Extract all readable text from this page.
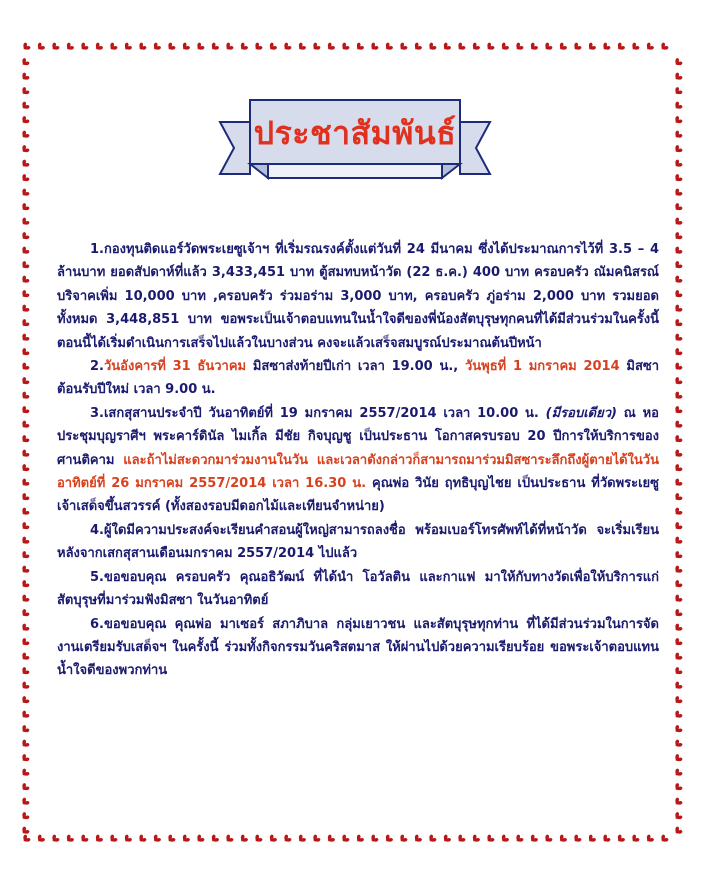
ประชาสัมพันธ์

1.กองทุนติดแอร์วัดพระเยซูเจ้าฯ ที่เริ่มรณรงค์ตั้งแต่วันที่ 24 มีนาคม ซึ่งได้ประมาณการไว้ที่ 3.5 – 4 ล้านบาท ยอดสัปดาห์ที่แล้ว 3,433,451 บาท ตู้สมทบหน้าวัด (22 ธ.ค.) 400 บาท ครอบครัว ณัมคนิสรณ์ บริจาคเพิ่ม 10,000 บาท ,ครอบครัว ร่วมอร่าม 3,000 บาท, ครอบครัว ภู่อร่าม 2,000 บาท รวมยอด ทั้งหมด 3,448,851 บาท ขอพระเป็นเจ้าตอบแทนในน้ำใจดีของพี่น้องสัตบุรุษทุกคนที่ได้มีส่วนร่วมในครั้งนี้ ตอนนี้ได้เริ่มดำเนินการเสร็จไปแล้วในบางส่วน คงจะแล้วเสร็จสมบูรณ์ประมาณต้นปีหน้า

2.วันอังคารที่ 31 ธันวาคม มิสซาส่งท้ายปีเก่า เวลา 19.00 น., วันพุธที่ 1 มกราคม 2014 มิสซาต้อนรับปีใหม่ เวลา 9.00 น.

3.เสกสุสานประจำปี วันอาทิตย์ที่ 19 มกราคม 2557/2014 เวลา 10.00 น. (มีรอบเดียว) ณ หอประชุมบุญราศีฯ พระคาร์ดินัล ไมเกิ้ล มีชัย กิจบุญชู เป็นประธาน โอกาสครบรอบ 20 ปีการให้บริการของศานติคาม และถ้าไม่สะดวกมาร่วมงานในวัน และเวลาดังกล่าวก็สามารถมาร่วมมิสซาระลึกถึงผู้ตายได้ในวันอาทิตย์ที่ 26 มกราคม 2557/2014 เวลา 16.30 น. คุณพ่อ วินัย ฤทธิบุญไชย เป็นประธาน ที่วัดพระเยซูเจ้าเสด็จขึ้นสวรรค์ (ทั้งสองรอบมีดอกไม้และเทียนจำหน่าย)

4.ผู้ใดมีความประสงค์จะเรียนคำสอนผู้ใหญ่สามารถลงชื่อ พร้อมเบอร์โทรศัพท์ได้ที่หน้าวัด จะเริ่มเรียนหลังจากเสกสุสานเดือนมกราคม 2557/2014 ไปแล้ว

5.ขอขอบคุณ ครอบครัว คุณอธิวัฒน์ ที่ได้นำ โอวัลติน และกาแฟ มาให้กับทางวัดเพื่อให้บริการแก่สัตบุรุษที่มาร่วมฟังมิสซา ในวันอาทิตย์

6.ขอขอบคุณ คุณพ่อ มาเซอร์ สภาภิบาล กลุ่มเยาวชน และสัตบุรุษทุกท่าน ที่ได้มีส่วนร่วมในการจัดงานเตรียมรับเสด็จฯ ในครั้งนี้ ร่วมทั้งกิจกรรมวันคริสตมาส ให้ผ่านไปด้วยความเรียบร้อย ขอพระเจ้าตอบแทนน้ำใจดีของพวกท่าน
